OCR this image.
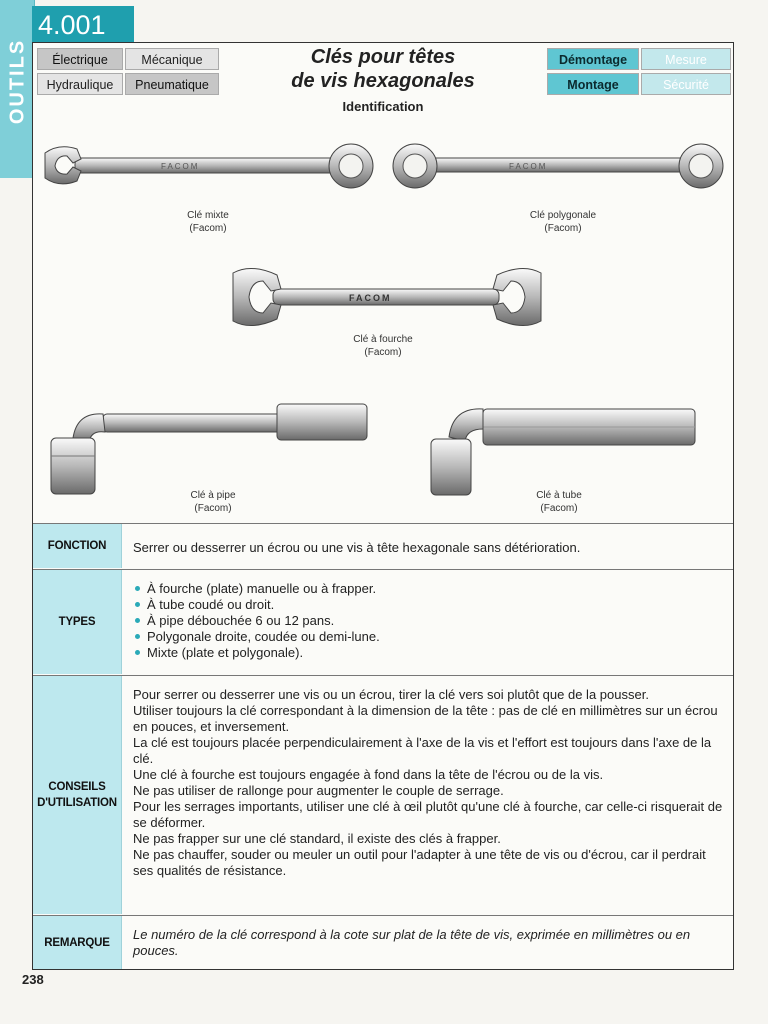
OUTILS
4.001
Électrique	Mécanique
Hydraulique	Pneumatique
Clés pour têtes
de vis hexagonales
Démontage	Mesure
Montage	Sécurité
Identification
FACOM
Clé mixte
(Facom)
FACOM
Clé polygonale
(Facom)
FACOM
Clé à fourche
(Facom)
Clé à pipe
(Facom)
Clé à tube
(Facom)
FONCTION	Serrer ou desserrer un écrou ou une vis à tête hexagonale sans détérioration.
TYPES
À fourche (plate) manuelle ou à frapper.
À tube coudé ou droit.
À pipe débouchée 6 ou 12 pans.
Polygonale droite, coudée ou demi-lune.
Mixte (plate et polygonale).
CONSEILS
D'UTILISATION

Pour serrer ou desserrer une vis ou un écrou, tirer la clé vers soi plutôt que de la pousser.

Utiliser toujours la clé correspondant à la dimension de la tête : pas de clé en millimètres sur un écrou en pouces, et inversement.

La clé est toujours placée perpendiculairement à l'axe de la vis et l'effort est toujours dans l'axe de la clé.

Une clé à fourche est toujours engagée à fond dans la tête de l'écrou ou de la vis.

Ne pas utiliser de rallonge pour augmenter le couple de serrage.

Pour les serrages importants, utiliser une clé à œil plutôt qu'une clé à fourche, car celle-ci risquerait de se déformer.

Ne pas frapper sur une clé standard, il existe des clés à frapper.

Ne pas chauffer, souder ou meuler un outil pour l'adapter à une tête de vis ou d'écrou, car il perdrait ses qualités de résistance.

REMARQUE
Le numéro de la clé correspond à la cote sur plat de la tête de vis, exprimée en millimètres ou en pouces.
238
